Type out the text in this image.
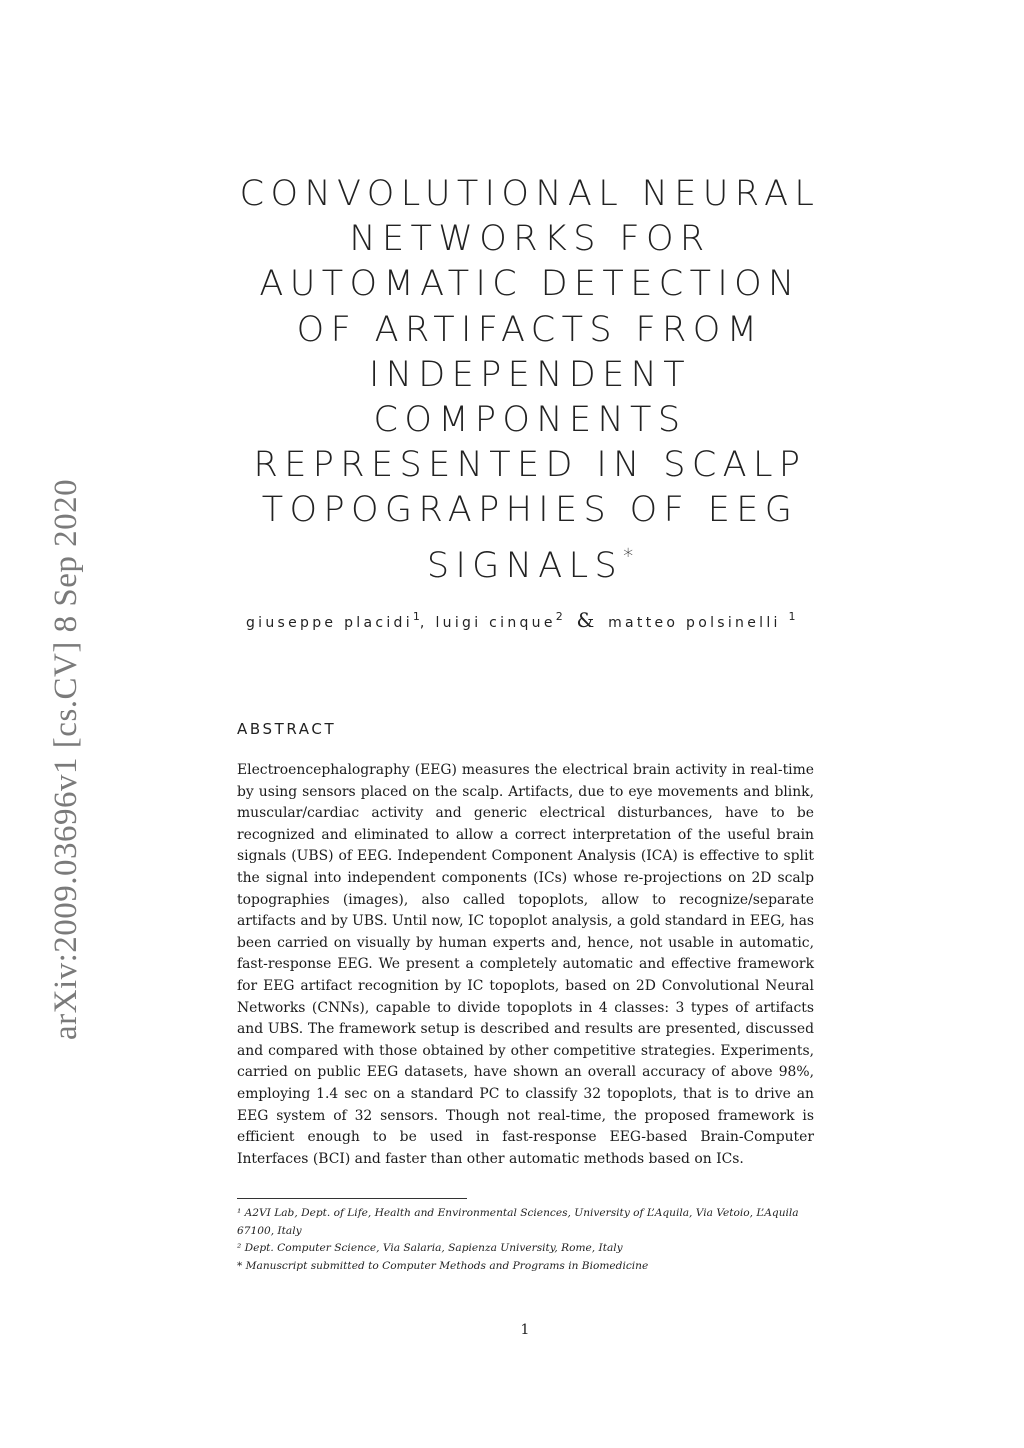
arXiv:2009.03696v1 [cs.CV] 8 Sep 2020
CONVOLUTIONAL NEURAL
NETWORKS FOR
AUTOMATIC DETECTION
OF ARTIFACTS FROM
INDEPENDENT
COMPONENTS
REPRESENTED IN SCALP
TOPOGRAPHIES OF EEG
SIGNALS*
giuseppe placidi$^1$, luigi cinque$^2$ & matteo polsinelli $^1$
ABSTRACT
Electroencephalography (EEG) measures the electrical brain activity in real-time by using sensors placed on the scalp. Artifacts, due to eye movements and blink, muscular/cardiac activity and generic electrical disturbances, have to be recognized and eliminated to allow a correct interpretation of the useful brain signals (UBS) of EEG. Independent Component Analysis (ICA) is effective to split the signal into independent components (ICs) whose re-projections on 2D scalp topographies (images), also called topoplots, allow to recognize/separate artifacts and by UBS. Until now, IC topoplot analysis, a gold standard in EEG, has been carried on visually by human experts and, hence, not usable in automatic, fast-response EEG. We present a completely automatic and effective framework for EEG artifact recognition by IC topoplots, based on 2D Convolutional Neural Networks (CNNs), capable to divide topoplots in 4 classes: 3 types of artifacts and UBS. The framework setup is described and results are presented, discussed and compared with those obtained by other competitive strategies. Experiments, carried on public EEG datasets, have shown an overall accuracy of above 98%, employing 1.4 sec on a standard PC to classify 32 topoplots, that is to drive an EEG system of 32 sensors. Though not real-time, the proposed framework is efficient enough to be used in fast-response EEG-based Brain-Computer Interfaces (BCI) and faster than other automatic methods based on ICs.

¹ A2VI Lab, Dept. of Life, Health and Environmental Sciences, University of L’Aquila, Via Vetoio, L’Aquila 67100, Italy

² Dept. Computer Science, Via Salaria, Sapienza University, Rome, Italy

* Manuscript submitted to Computer Methods and Programs in Biomedicine

1
